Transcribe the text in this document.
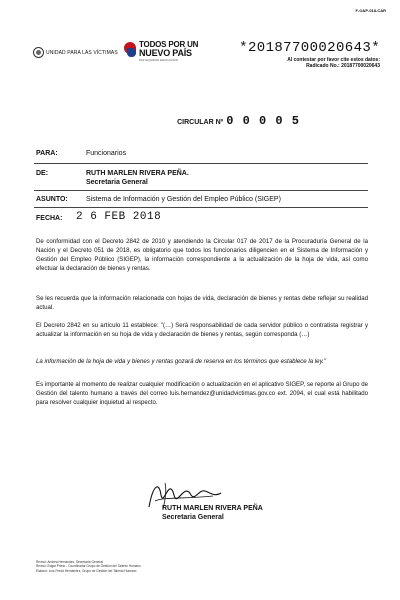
F-OAP-018-CAR
UNIDAD PARA LAS VÍCTIMAS
TODOS POR UN
NUEVO PAÍS
PAZ EQUIDAD EDUCACIÓN
*20187700020643*
Al contestar por favor cite estos datos:
Radicado No.: 20187700020643
CIRCULAR Nº 0 0 0 0 5
PARA:	Funcionarios
DE:	RUTH MARLEN RIVERA PEÑA.
Secretaria General
ASUNTO:	Sistema de Información y Gestión del Empleo Público (SIGEP)
FECHA: 2 6 FEB 2018

De conformidad con el Decreto 2842 de 2010 y atendiendo la Circular 017 de 2017 de la Procuraduría General de la Nación y el Decreto 051 de 2018, es obligatorio que todos los funcionarios diligencien en el Sistema de Información y Gestión del Empleo Público (SIGEP), la información correspondiente a la actualización de la hoja de vida, así como efectuar la declaración de bienes y rentas.

Se les recuerda que la información relacionada con hojas de vida, declaración de bienes y rentas debe reflejar su realidad actual.

El Decreto 2842 en su artículo 11 establece: "(…) Será responsabilidad de cada servidor público o contratista registrar y actualizar la información en su hoja de vida y declaración de bienes y rentas, según corresponda (…)

La información de la hoja de vida y bienes y rentas gozará de reserva en los términos que establece la ley."

Es importante al momento de realizar cualquier modificación o actualización en el aplicativo SIGEP, se reporte al Grupo de Gestión del talento humano a través del correo luis.hernandez@unidadvictimas.gov.co ext. 2094, el cual está habilitado para resolver cualquier inquietud al respecto.

RUTH MARLEN RIVERA PEÑA
Secretaria General
Revisó: Andrea Hernández, Secretaría General
Revisó: Edgar Prieto - Coordinador Grupo de Gestión del Talento Humano
Elaboró: Luis Fredd Hernández, Grupo de Gestión del Talento Humano
